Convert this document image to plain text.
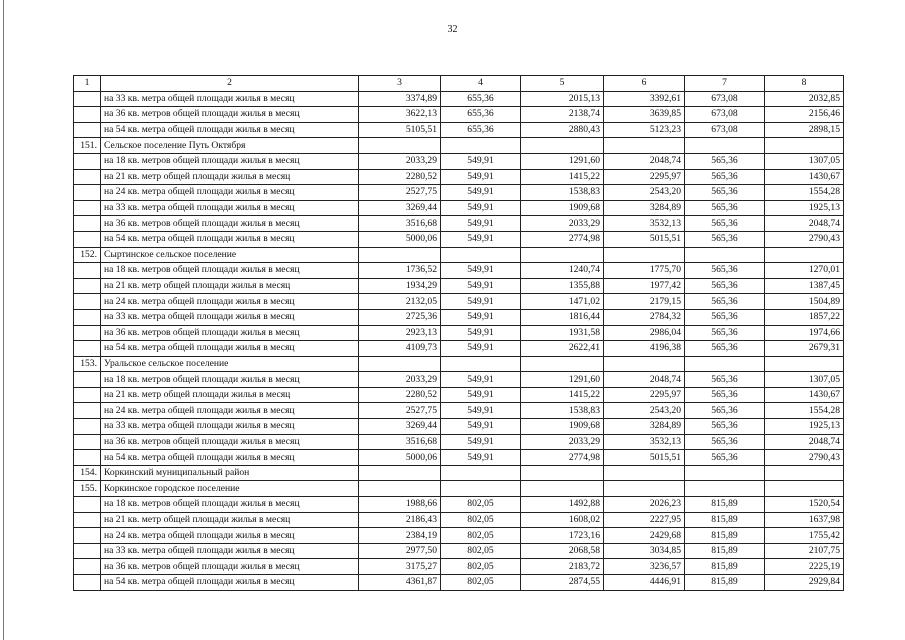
32
1	2	3	4	5	6	7	8
	на 33 кв. метра общей площади жилья в месяц	3374,89	655,36	2015,13	3392,61	673,08	2032,85
	на 36 кв. метров общей площади жилья в месяц	3622,13	655,36	2138,74	3639,85	673,08	2156,46
	на 54 кв. метра общей площади жилья в месяц	5105,51	655,36	2880,43	5123,23	673,08	2898,15
151.	Сельское поселение Путь Октября						
	на 18 кв. метров общей площади жилья в месяц	2033,29	549,91	1291,60	2048,74	565,36	1307,05
	на 21 кв. метр общей площади жилья в месяц	2280,52	549,91	1415,22	2295,97	565,36	1430,67
	на 24 кв. метра общей площади жилья в месяц	2527,75	549,91	1538,83	2543,20	565,36	1554,28
	на 33 кв. метра общей площади жилья в месяц	3269,44	549,91	1909,68	3284,89	565,36	1925,13
	на 36 кв. метров общей площади жилья в месяц	3516,68	549,91	2033,29	3532,13	565,36	2048,74
	на 54 кв. метра общей площади жилья в месяц	5000,06	549,91	2774,98	5015,51	565,36	2790,43
152.	Сыртинское сельское поселение						
	на 18 кв. метров общей площади жилья в месяц	1736,52	549,91	1240,74	1775,70	565,36	1270,01
	на 21 кв. метр общей площади жилья в месяц	1934,29	549,91	1355,88	1977,42	565,36	1387,45
	на 24 кв. метра общей площади жилья в месяц	2132,05	549,91	1471,02	2179,15	565,36	1504,89
	на 33 кв. метра общей площади жилья в месяц	2725,36	549,91	1816,44	2784,32	565,36	1857,22
	на 36 кв. метров общей площади жилья в месяц	2923,13	549,91	1931,58	2986,04	565,36	1974,66
	на 54 кв. метра общей площади жилья в месяц	4109,73	549,91	2622,41	4196,38	565,36	2679,31
153.	Уральское сельское поселение						
	на 18 кв. метров общей площади жилья в месяц	2033,29	549,91	1291,60	2048,74	565,36	1307,05
	на 21 кв. метр общей площади жилья в месяц	2280,52	549,91	1415,22	2295,97	565,36	1430,67
	на 24 кв. метра общей площади жилья в месяц	2527,75	549,91	1538,83	2543,20	565,36	1554,28
	на 33 кв. метра общей площади жилья в месяц	3269,44	549,91	1909,68	3284,89	565,36	1925,13
	на 36 кв. метров общей площади жилья в месяц	3516,68	549,91	2033,29	3532,13	565,36	2048,74
	на 54 кв. метра общей площади жилья в месяц	5000,06	549,91	2774,98	5015,51	565,36	2790,43
154.	Коркинский муниципальный район						
155.	Коркинское городское поселение						
	на 18 кв. метров общей площади жилья в месяц	1988,66	802,05	1492,88	2026,23	815,89	1520,54
	на 21 кв. метр общей площади жилья в месяц	2186,43	802,05	1608,02	2227,95	815,89	1637,98
	на 24 кв. метра общей площади жилья в месяц	2384,19	802,05	1723,16	2429,68	815,89	1755,42
	на 33 кв. метра общей площади жилья в месяц	2977,50	802,05	2068,58	3034,85	815,89	2107,75
	на 36 кв. метров общей площади жилья в месяц	3175,27	802,05	2183,72	3236,57	815,89	2225,19
	на 54 кв. метра общей площади жилья в месяц	4361,87	802,05	2874,55	4446,91	815,89	2929,84
